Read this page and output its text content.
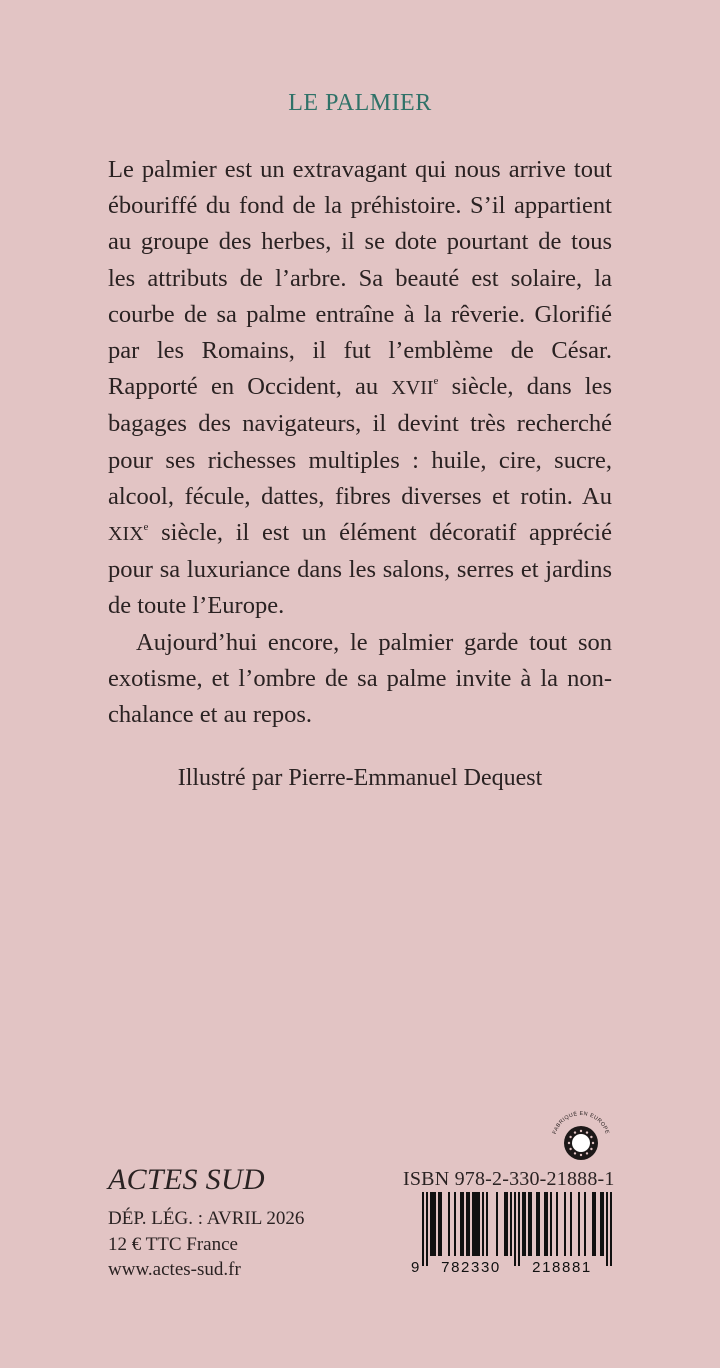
LE PALMIER

Le palmier est un extravagant qui nous arrive tout ébouriffé du fond de la préhistoire. S’il appartient au groupe des herbes, il se dote pourtant de tous les attributs de l’arbre. Sa beauté est solaire, la courbe de sa palme entraîne à la rêverie. Glorifié par les Romains, il fut l’emblème de César. Rapporté en Occident, au XVIIe siècle, dans les bagages des navigateurs, il devint très recherché pour ses richesses multiples : huile, cire, sucre, alcool, fécule, dattes, fibres diverses et rotin. Au XIXe siècle, il est un élément décoratif apprécié pour sa luxuriance dans les salons, serres et jardins de toute l’Europe.

Aujourd’hui encore, le palmier garde tout son exotisme, et l’ombre de sa palme invite à la nonchalance et au repos.

Illustré par Pierre-Emmanuel Dequest
ACTES SUD
DÉP. LÉG. : AVRIL 2026
12 € TTC France
www.actes-sud.fr
FABRIQUÉ EN EUROPE
ISBN 978-2-330-21888-1
9 782330 218881
